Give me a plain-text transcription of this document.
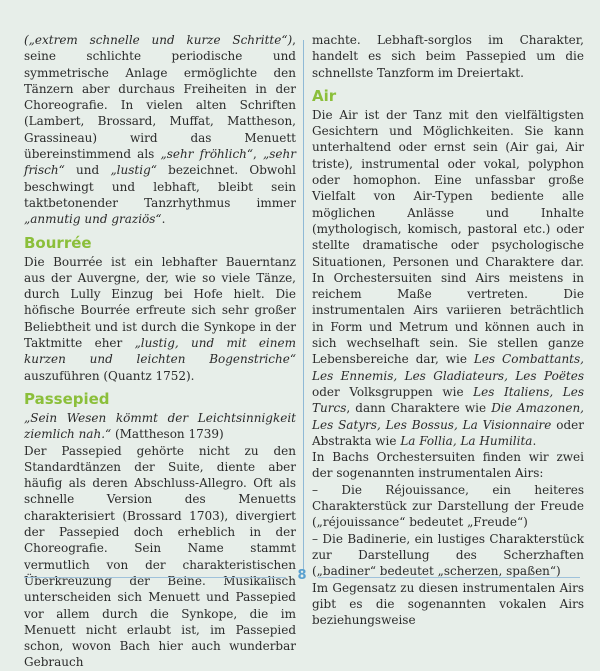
(„extrem schnelle und kurze Schritte“), seine schlichte periodische und symmetrische Anlage ermöglichte den Tänzern aber durchaus Freiheiten in der Choreografie. In vielen alten Schriften (Lambert, Brossard, Muffat, Mattheson, Grassineau) wird das Menuett übereinstimmend als „sehr fröhlich“, „sehr frisch“ und „lustig“ bezeichnet. Obwohl beschwingt und lebhaft, bleibt sein taktbetonender Tanzrhythmus immer „anmutig und graziös“.

Bourrée

Die Bourrée ist ein lebhafter Bauerntanz aus der Auvergne, der, wie so viele Tänze, durch Lully Einzug bei Hofe hielt. Die höfische Bourrée erfreute sich sehr großer Beliebtheit und ist durch die Synkope in der Taktmitte eher „lustig, und mit einem kurzen und leichten Bogenstriche“ auszuführen (Quantz 1752).

Passepied

„Sein Wesen kömmt der Leichtsinnigkeit ziemlich nah.“ (Mattheson 1739)

Der Passepied gehörte nicht zu den Standardtänzen der Suite, diente aber häufig als deren Abschluss-Allegro. Oft als schnelle Version des Menuetts charakterisiert (Brossard 1703), divergiert der Passepied doch erheblich in der Choreografie. Sein Name stammt vermutlich von der charakteristischen Überkreuzung der Beine. Musikalisch unterscheiden sich Menuett und Passepied vor allem durch die Synkope, die im Menuett nicht erlaubt ist, im Passepied schon, wovon Bach hier auch wunderbar Gebrauch

machte. Lebhaft-sorglos im Charakter, handelt es sich beim Passepied um die schnellste Tanzform im Dreiertakt.

Air

Die Air ist der Tanz mit den vielfältigsten Gesichtern und Möglichkeiten. Sie kann unterhaltend oder ernst sein (Air gai, Air triste), instrumental oder vokal, polyphon oder homophon. Eine unfassbar große Vielfalt von Air-Typen bediente alle möglichen Anlässe und Inhalte (mythologisch, komisch, pastoral etc.) oder stellte dramatische oder psychologische Situationen, Personen und Charaktere dar. In Orchestersuiten sind Airs meistens in reichem Maße vertreten. Die instrumentalen Airs variieren beträchtlich in Form und Metrum und können auch in sich wechselhaft sein. Sie stellen ganze Lebensbereiche dar, wie Les Combattants, Les Ennemis, Les Gladiateurs, Les Poëtes oder Volksgruppen wie Les Italiens, Les Turcs, dann Charaktere wie Die Amazonen, Les Satyrs, Les Bossus, La Visionnaire oder Abstrakta wie La Follia, La Humilita.

In Bachs Orchestersuiten finden wir zwei der sogenannten instrumentalen Airs:

– Die Réjouissance, ein heiteres Charakterstück zur Darstellung der Freude („réjouissance“ bedeutet „Freude“)

– Die Badinerie, ein lustiges Charakterstück zur Darstellung des Scherzhaften („badiner“ bedeutet „scherzen, spaßen“)

Im Gegensatz zu diesen instrumentalen Airs gibt es die sogenannten vokalen Airs beziehungsweise

8
